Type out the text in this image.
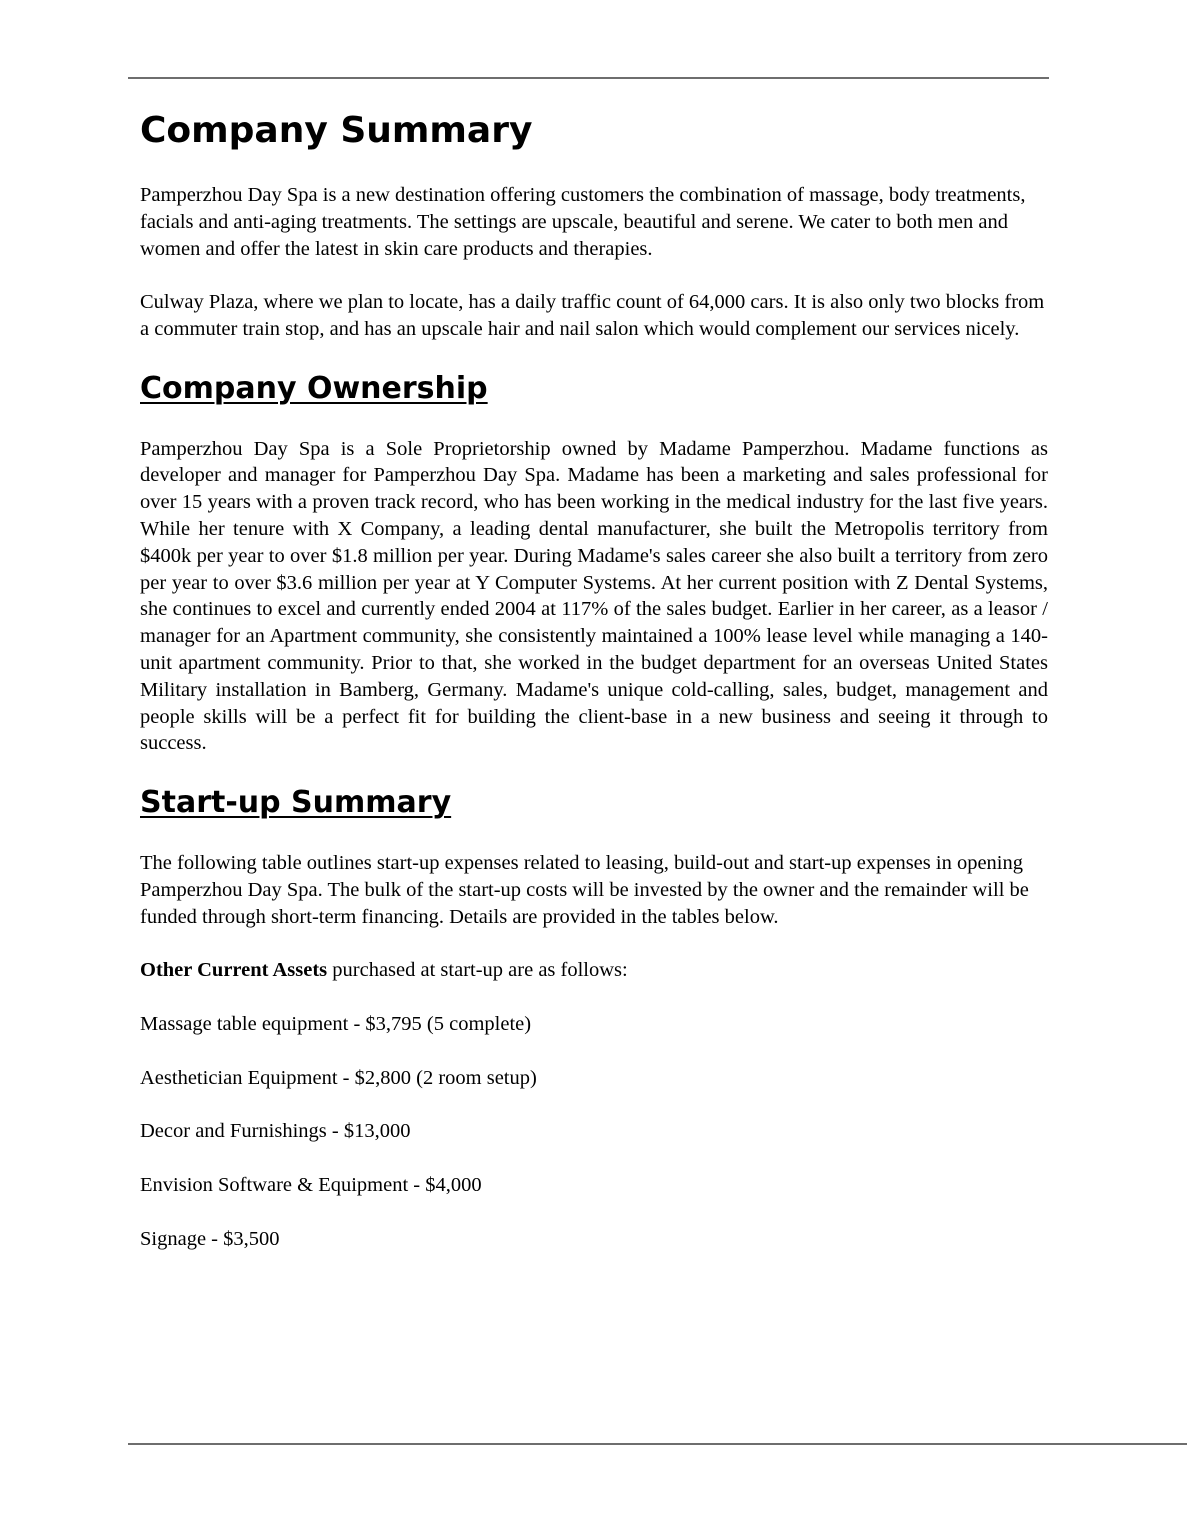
Company Summary

Pamperzhou Day Spa is a new destination offering customers the combination of massage, body treatments, facials and anti-aging treatments. The settings are upscale, beautiful and serene. We cater to both men and women and offer the latest in skin care products and therapies.

Culway Plaza, where we plan to locate, has a daily traffic count of 64,000 cars. It is also only two blocks from a commuter train stop, and has an upscale hair and nail salon which would complement our services nicely.

Company Ownership

Pamperzhou Day Spa is a Sole Proprietorship owned by Madame Pamperzhou. Madame functions as developer and manager for Pamperzhou Day Spa. Madame has been a marketing and sales professional for over 15 years with a proven track record, who has been working in the medical industry for the last five years. While her tenure with X Company, a leading dental manufacturer, she built the Metropolis territory from $400k per year to over $1.8 million per year. During Madame's sales career she also built a territory from zero per year to over $3.6 million per year at Y Computer Systems. At her current position with Z Dental Systems, she continues to excel and currently ended 2004 at 117% of the sales budget. Earlier in her career, as a leasor / manager for an Apartment community, she consistently maintained a 100% lease level while managing a 140-unit apartment community. Prior to that, she worked in the budget department for an overseas United States Military installation in Bamberg, Germany. Madame's unique cold-calling, sales, budget, management and people skills will be a perfect fit for building the client-base in a new business and seeing it through to success.

Start-up Summary

The following table outlines start-up expenses related to leasing, build-out and start-up expenses in opening Pamperzhou Day Spa. The bulk of the start-up costs will be invested by the owner and the remainder will be funded through short-term financing. Details are provided in the tables below.

Other Current Assets purchased at start-up are as follows:

Massage table equipment - $3,795 (5 complete)

Aesthetician Equipment - $2,800 (2 room setup)

Decor and Furnishings - $13,000

Envision Software & Equipment - $4,000

Signage - $3,500
